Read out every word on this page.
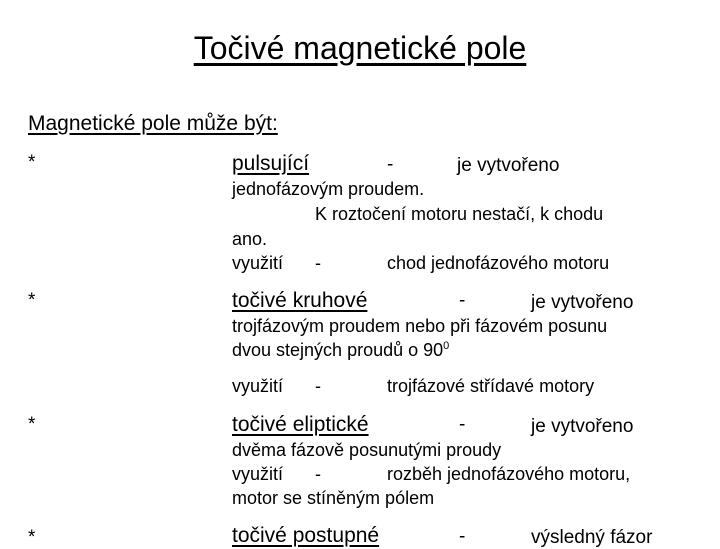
Točivé magnetické pole
Magnetické pole může být:
*	pulsující	-	je vytvořeno
jednofázovým proudem.
K roztočení motoru nestačí, k chodu
ano.
využití -	chod jednofázového motoru
*	točivé kruhové	-	je vytvořeno
trojfázovým proudem nebo při fázovém posunu
dvou stejných proudů o $90^0$
využití -	trojfázové střídavé motory
*	točivé eliptické	-	je vytvořeno
dvěma fázově posunutými proudy
využití -	rozběh jednofázového motoru,
motor se stíněným pólem
*	točivé postupné	-	výsledný fázor
